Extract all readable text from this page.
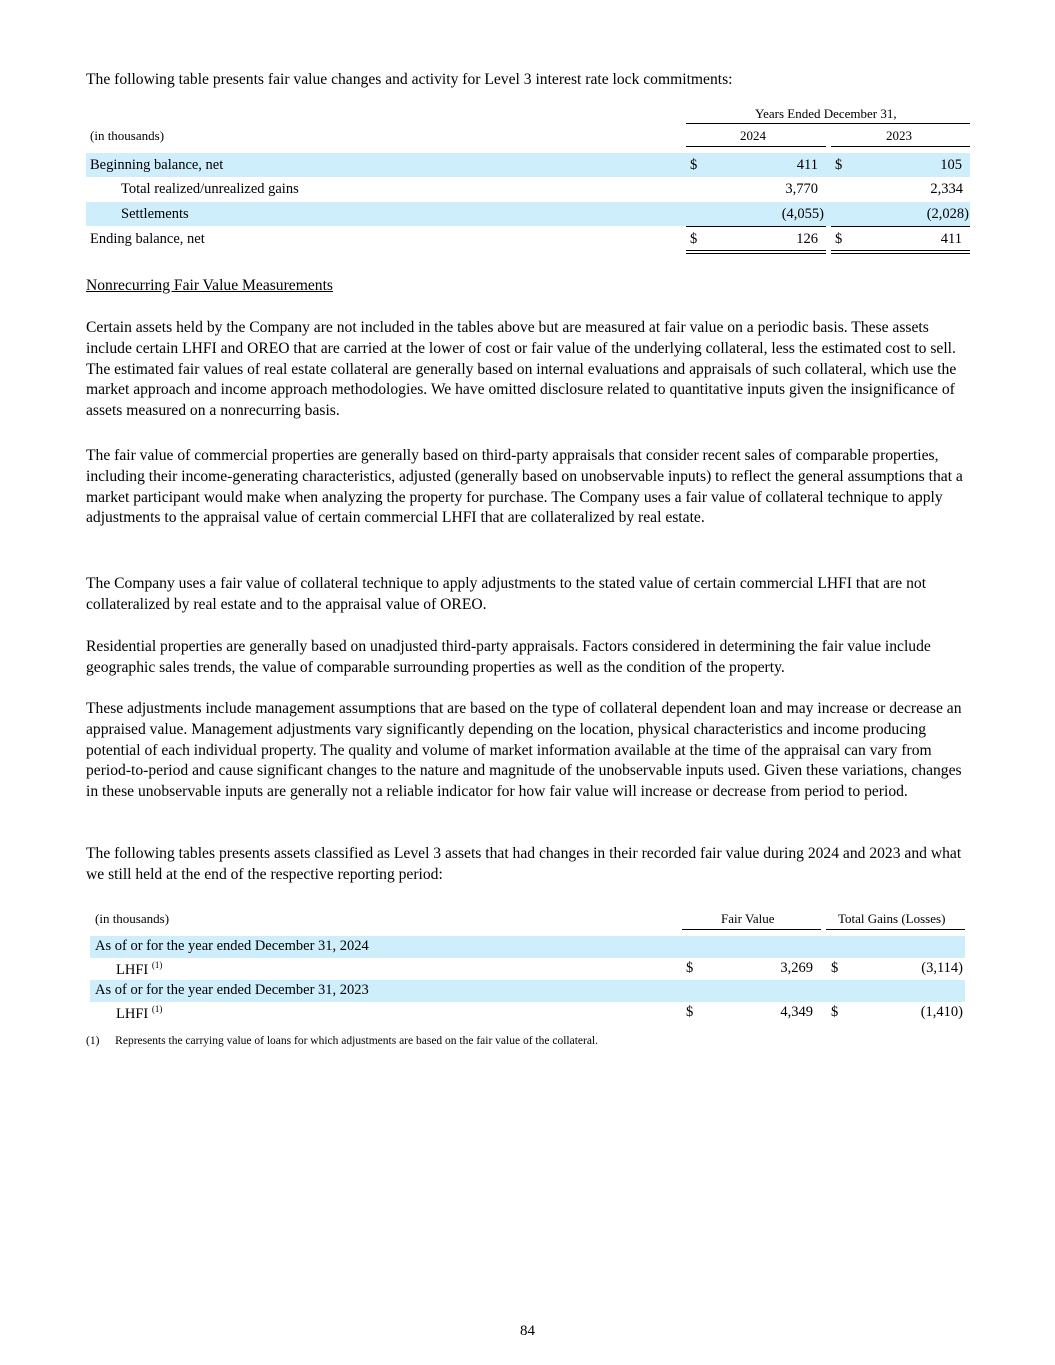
The following table presents fair value changes and activity for Level 3 interest rate lock commitments:

Years Ended December 31,
(in thousands)	2024	2023
Beginning balance, net	$	411 $	105
Total realized/unrealized gains	3,770	2,334
Settlements	(4,055)	(2,028)
Ending balance, net	$	126 $	411
Nonrecurring Fair Value Measurements

Certain assets held by the Company are not included in the tables above but are measured at fair value on a periodic basis. These assets include certain LHFI and OREO that are carried at the lower of cost or fair value of the underlying collateral, less the estimated cost to sell. The estimated fair values of real estate collateral are generally based on internal evaluations and appraisals of such collateral, which use the market approach and income approach methodologies. We have omitted disclosure related to quantitative inputs given the insignificance of assets measured on a nonrecurring basis.

The fair value of commercial properties are generally based on third-party appraisals that consider recent sales of comparable properties, including their income-generating characteristics, adjusted (generally based on unobservable inputs) to reflect the general assumptions that a market participant would make when analyzing the property for purchase. The Company uses a fair value of collateral technique to apply adjustments to the appraisal value of certain commercial LHFI that are collateralized by real estate.

The Company uses a fair value of collateral technique to apply adjustments to the stated value of certain commercial LHFI that are not collateralized by real estate and to the appraisal value of OREO.

Residential properties are generally based on unadjusted third-party appraisals. Factors considered in determining the fair value include geographic sales trends, the value of comparable surrounding properties as well as the condition of the property.

These adjustments include management assumptions that are based on the type of collateral dependent loan and may increase or decrease an appraised value. Management adjustments vary significantly depending on the location, physical characteristics and income producing potential of each individual property. The quality and volume of market information available at the time of the appraisal can vary from period-to-period and cause significant changes to the nature and magnitude of the unobservable inputs used. Given these variations, changes in these unobservable inputs are generally not a reliable indicator for how fair value will increase or decrease from period to period.

The following tables presents assets classified as Level 3 assets that had changes in their recorded fair value during 2024 and 2023 and what we still held at the end of the respective reporting period:

(in thousands)	Fair Value	Total Gains (Losses)
As of or for the year ended December 31, 2024
LHFI $^{(1)}$	$	3,269 $	(3,114)
As of or for the year ended December 31, 2023
LHFI $^{(1)}$	$	4,349 $	(1,410)
(1) Represents the carrying value of loans for which adjustments are based on the fair value of the collateral.
84
